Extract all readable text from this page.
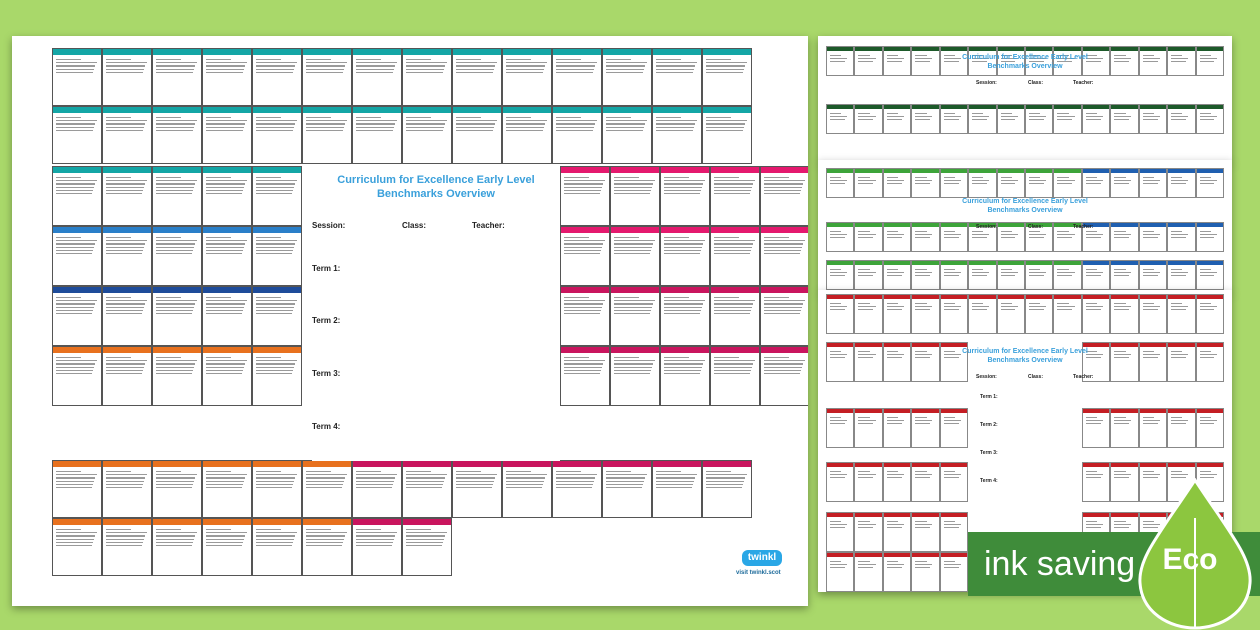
Curriculum for Excellence Early Level
Benchmarks Overview
Session:	Class:	Teacher:
Curriculum for Excellence Early Level
Benchmarks Overview
Session:	Class:	Teacher:
Curriculum for Excellence Early Level
Benchmarks Overview
Session:	Class:	Teacher:
Term 1:
Term 2:
Term 3:
Term 4:
Curriculum for Excellence Early Level
Benchmarks Overview
Session:	Class:	Teacher:
Term 1:
Term 2:
Term 3:
Term 4:
twinkl
visit twinkl.scot	ink saving Eco
